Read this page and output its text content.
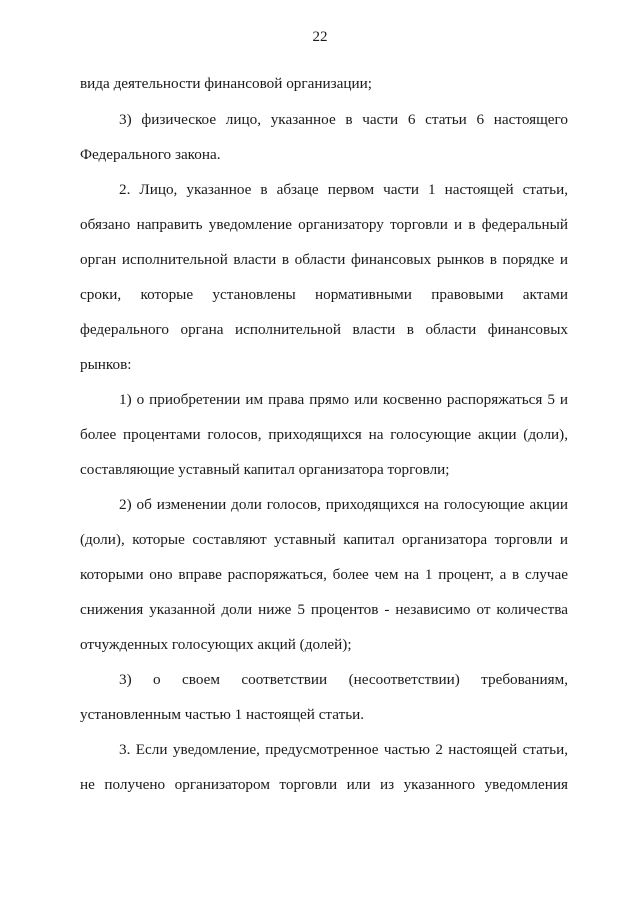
22
вида деятельности финансовой организации;
3) физическое лицо, указанное в части 6 статьи 6 настоящего
Федерального закона.
2. Лицо, указанное в абзаце первом части 1 настоящей статьи,
обязано направить уведомление организатору торговли и в федеральный
орган исполнительной власти в области финансовых рынков в порядке и
сроки, которые установлены нормативными правовыми актами
федерального органа исполнительной власти в области финансовых
рынков:
1) о приобретении им права прямо или косвенно распоряжаться 5 и
более процентами голосов, приходящихся на голосующие акции (доли),
составляющие уставный капитал организатора торговли;
2) об изменении доли голосов, приходящихся на голосующие акции
(доли), которые составляют уставный капитал организатора торговли и
которыми оно вправе распоряжаться, более чем на 1 процент, а в случае
снижения указанной доли ниже 5 процентов - независимо от количества
отчужденных голосующих акций (долей);
3) о своем соответствии (несоответствии) требованиям,
установленным частью 1 настоящей статьи.
3. Если уведомление, предусмотренное частью 2 настоящей статьи,
не получено организатором торговли или из указанного уведомления
